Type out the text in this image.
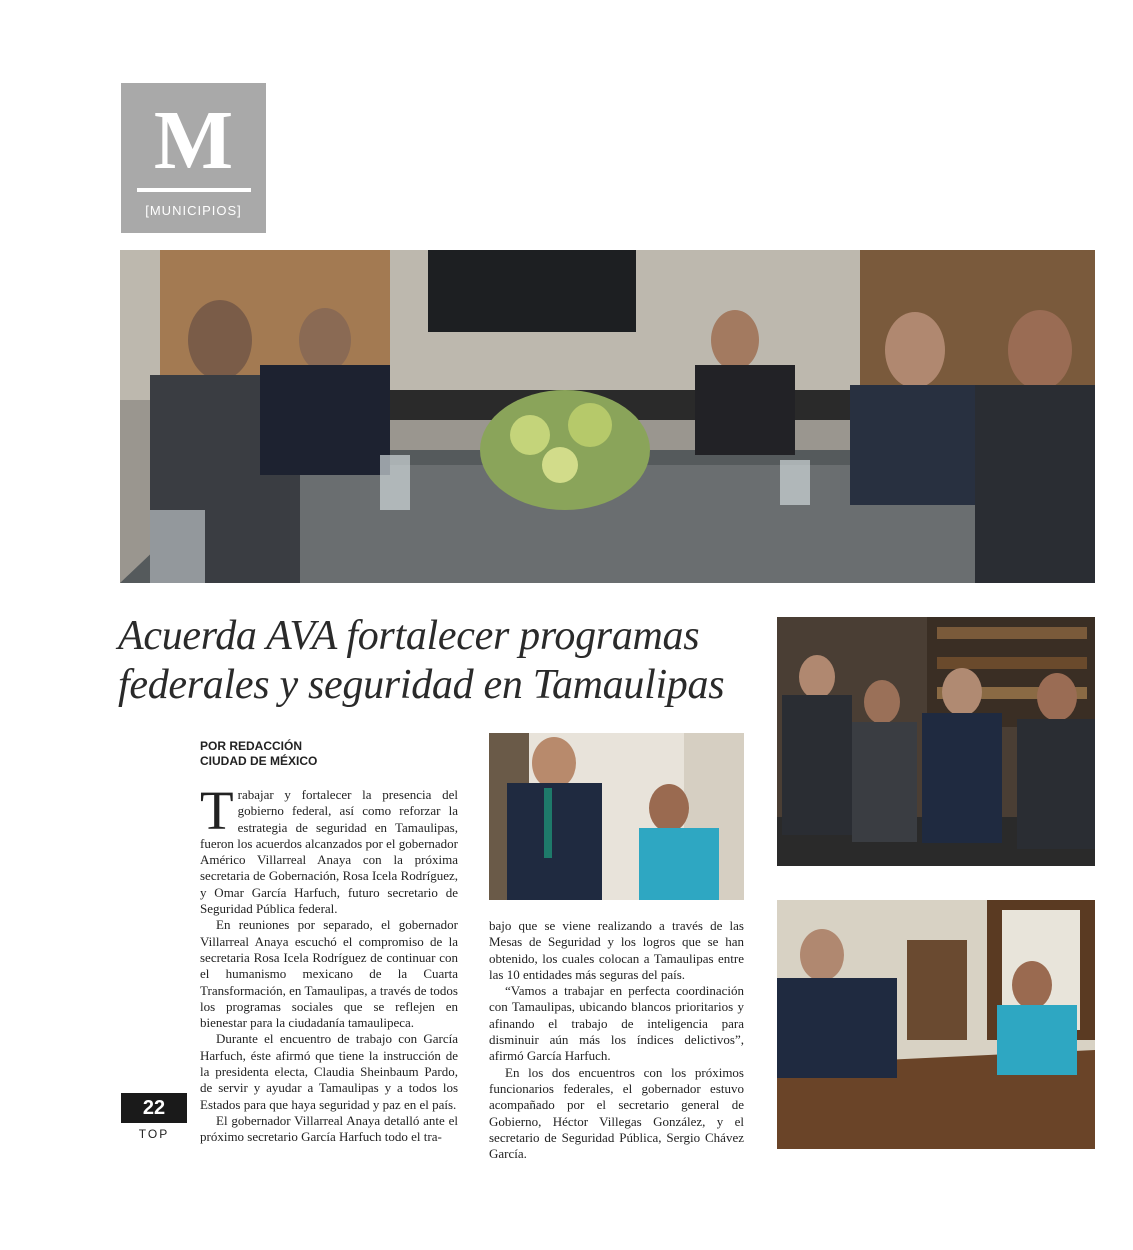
M
[MUNICIPIOS]
Acuerda AVA fortalecer programas federales y seguridad en Tamaulipas
POR REDACCIÓN
CIUDAD DE MÉXICO

Trabajar y fortalecer la presencia del gobierno federal, así como reforzar la estrategia de seguridad en Tamaulipas, fueron los acuerdos alcanzados por el gobernador Américo Villarreal Anaya con la próxima secretaria de Gobernación, Rosa Icela Rodríguez, y Omar García Harfuch, futuro secretario de Seguridad Pública federal.

En reuniones por separado, el gobernador Villarreal Anaya escuchó el compromiso de la secretaria Rosa Icela Rodríguez de continuar con el humanismo mexicano de la Cuarta Transformación, en Tamaulipas, a través de todos los programas sociales que se reflejen en bienestar para la ciudadanía tamaulipeca.

Durante el encuentro de trabajo con García Harfuch, éste afirmó que tiene la instrucción de la presidenta electa, Claudia Sheinbaum Pardo, de servir y ayudar a Tamaulipas y a todos los Estados para que haya seguridad y paz en el país.

El gobernador Villarreal Anaya detalló ante el próximo secretario García Harfuch todo el tra-

bajo que se viene realizando a través de las Mesas de Seguridad y los logros que se han obtenido, los cuales colocan a Tamaulipas entre las 10 entidades más seguras del país.

“Vamos a trabajar en perfecta coordinación con Tamaulipas, ubicando blancos prioritarios y afinando el trabajo de inteligencia para disminuir aún más los índices delictivos”, afirmó García Harfuch.

En los dos encuentros con los próximos funcionarios federales, el gobernador estuvo acompañado por el secretario general de Gobierno, Héctor Villegas González, y el secretario de Seguridad Pública, Sergio Chávez García.

22
TOP
